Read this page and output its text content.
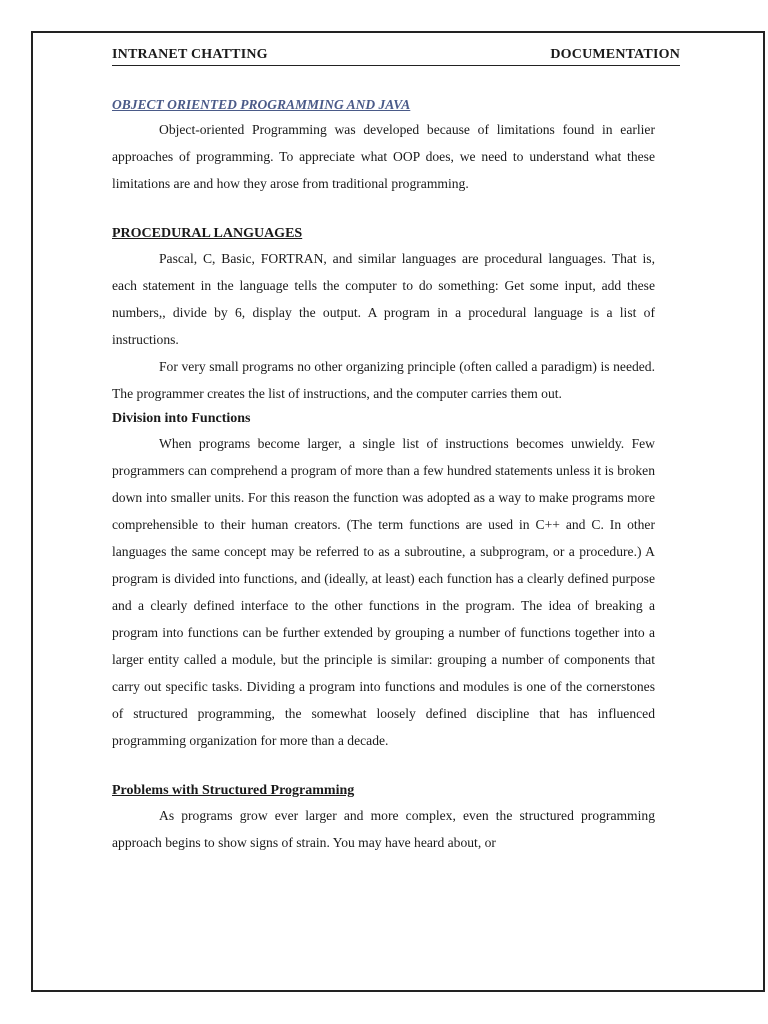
INTRANET CHATTING	DOCUMENTATION
OBJECT ORIENTED PROGRAMMING AND JAVA

Object-oriented Programming was developed because of limitations found in earlier approaches of programming. To appreciate what OOP does, we need to understand what these limitations are and how they arose from traditional programming.

PROCEDURAL LANGUAGES

Pascal, C, Basic, FORTRAN, and similar languages are procedural languages. That is, each statement in the language tells the computer to do something: Get some input, add these numbers,, divide by 6, display the output. A program in a procedural language is a list of instructions.

For very small programs no other organizing principle (often called a paradigm) is needed. The programmer creates the list of instructions, and the computer carries them out.

Division into Functions

When programs become larger, a single list of instructions becomes unwieldy. Few programmers can comprehend a program of more than a few hundred statements unless it is broken down into smaller units. For this reason the function was adopted as a way to make programs more comprehensible to their human creators. (The term functions are used in C++ and C. In other languages the same concept may be referred to as a subroutine, a subprogram, or a procedure.) A program is divided into functions, and (ideally, at least) each function has a clearly defined purpose and a clearly defined interface to the other functions in the program. The idea of breaking a program into functions can be further extended by grouping a number of functions together into a larger entity called a module, but the principle is similar: grouping a number of components that carry out specific tasks. Dividing a program into functions and modules is one of the cornerstones of structured programming, the somewhat loosely defined discipline that has influenced programming organization for more than a decade.

Problems with Structured Programming

As programs grow ever larger and more complex, even the structured programming approach begins to show signs of strain. You may have heard about, or
